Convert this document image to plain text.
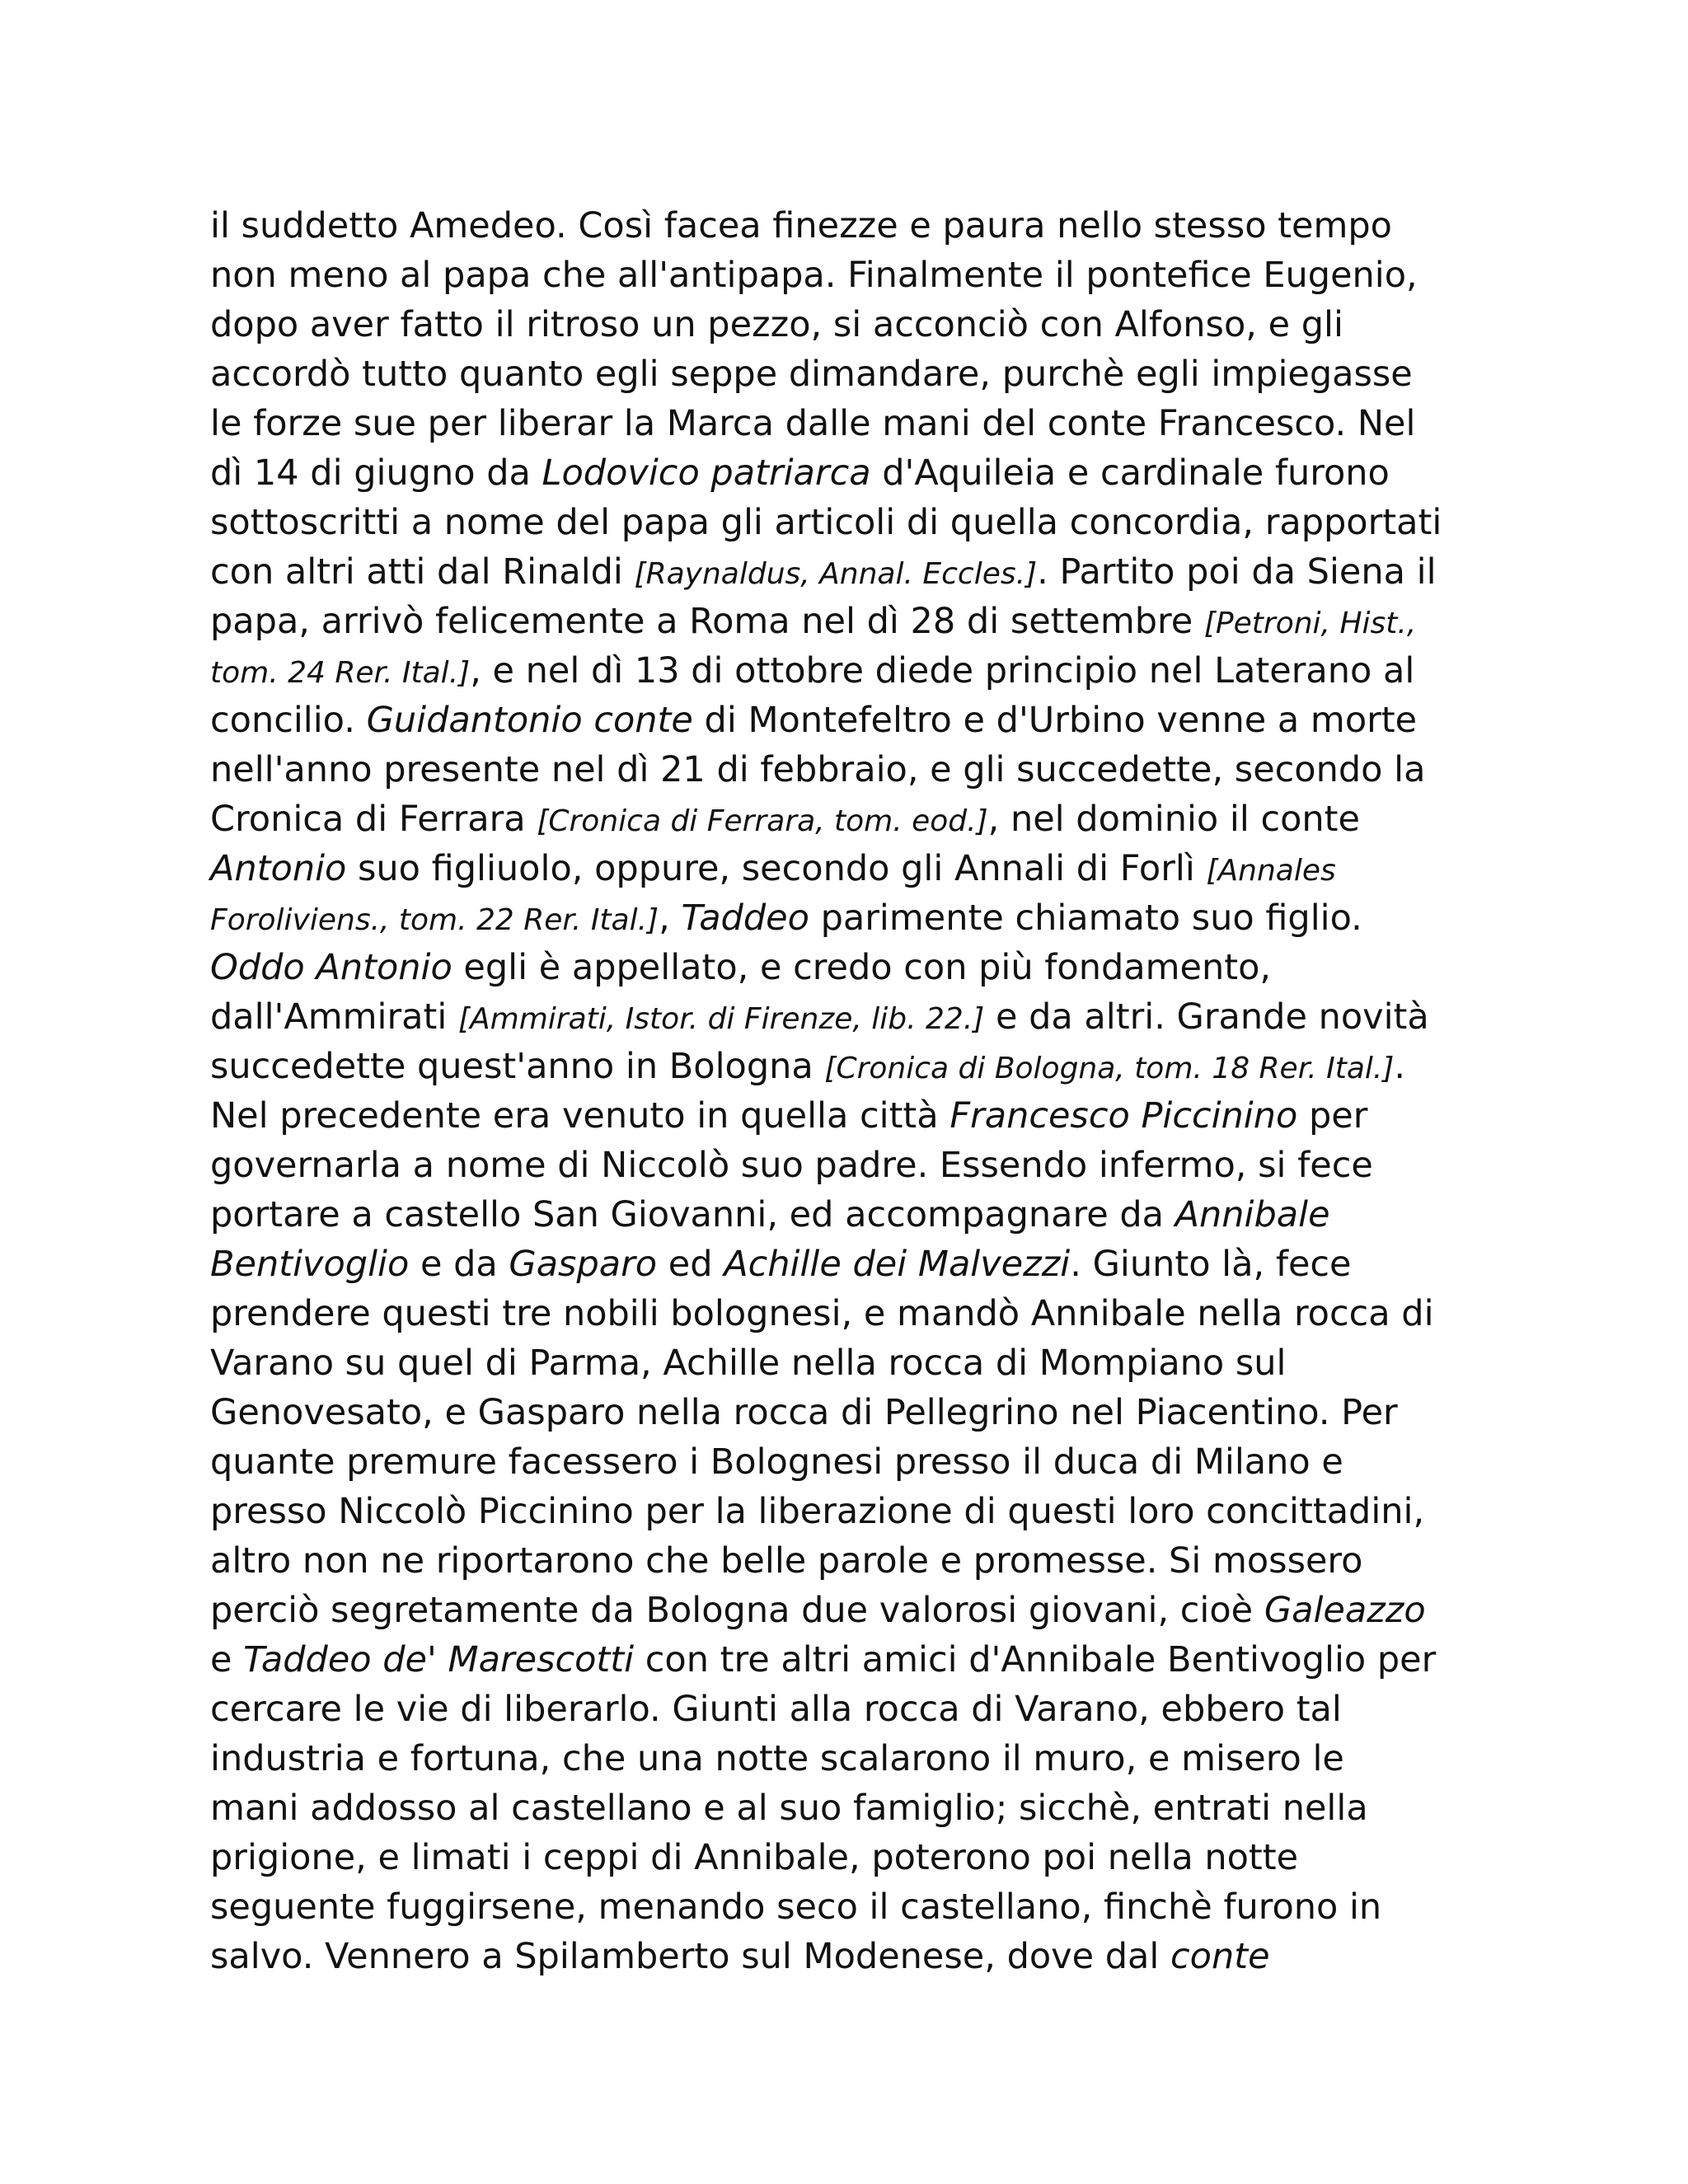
il suddetto Amedeo. Così facea finezze e paura nello stesso tempo
non meno al papa che all'antipapa. Finalmente il pontefice Eugenio,
dopo aver fatto il ritroso un pezzo, si acconciò con Alfonso, e gli
accordò tutto quanto egli seppe dimandare, purchè egli impiegasse
le forze sue per liberar la Marca dalle mani del conte Francesco. Nel
dì 14 di giugno da Lodovico patriarca d'Aquileia e cardinale furono
sottoscritti a nome del papa gli articoli di quella concordia, rapportati
con altri atti dal Rinaldi [Raynaldus, Annal. Eccles.]. Partito poi da Siena il
papa, arrivò felicemente a Roma nel dì 28 di settembre [Petroni, Hist.,
tom. 24 Rer. Ital.], e nel dì 13 di ottobre diede principio nel Laterano al
concilio. Guidantonio conte di Montefeltro e d'Urbino venne a morte
nell'anno presente nel dì 21 di febbraio, e gli succedette, secondo la
Cronica di Ferrara [Cronica di Ferrara, tom. eod.], nel dominio il conte
Antonio suo figliuolo, oppure, secondo gli Annali di Forlì [Annales
Foroliviens., tom. 22 Rer. Ital.], Taddeo parimente chiamato suo figlio.
Oddo Antonio egli è appellato, e credo con più fondamento,
dall'Ammirati [Ammirati, Istor. di Firenze, lib. 22.] e da altri. Grande novità
succedette quest'anno in Bologna [Cronica di Bologna, tom. 18 Rer. Ital.].
Nel precedente era venuto in quella città Francesco Piccinino per
governarla a nome di Niccolò suo padre. Essendo infermo, si fece
portare a castello San Giovanni, ed accompagnare da Annibale
Bentivoglio e da Gasparo ed Achille dei Malvezzi. Giunto là, fece
prendere questi tre nobili bolognesi, e mandò Annibale nella rocca di
Varano su quel di Parma, Achille nella rocca di Mompiano sul
Genovesato, e Gasparo nella rocca di Pellegrino nel Piacentino. Per
quante premure facessero i Bolognesi presso il duca di Milano e
presso Niccolò Piccinino per la liberazione di questi loro concittadini,
altro non ne riportarono che belle parole e promesse. Si mossero
perciò segretamente da Bologna due valorosi giovani, cioè Galeazzo
e Taddeo de' Marescotti con tre altri amici d'Annibale Bentivoglio per
cercare le vie di liberarlo. Giunti alla rocca di Varano, ebbero tal
industria e fortuna, che una notte scalarono il muro, e misero le
mani addosso al castellano e al suo famiglio; sicchè, entrati nella
prigione, e limati i ceppi di Annibale, poterono poi nella notte
seguente fuggirsene, menando seco il castellano, finchè furono in
salvo. Vennero a Spilamberto sul Modenese, dove dal conte
